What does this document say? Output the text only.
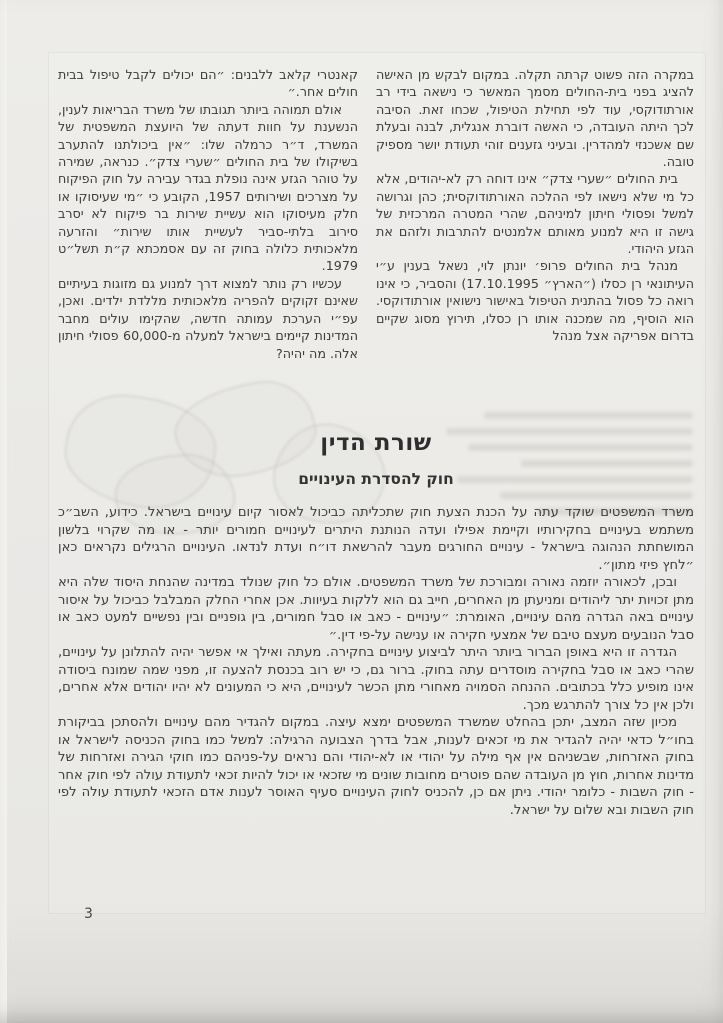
במקרה הזה פשוט קרתה תקלה. במקום לבקש מן האישה להציג בפני בית-החולים מסמך המאשר כי נישאה בידי רב אורתודוקסי, עוד לפי תחילת הטיפול, שכחו זאת. הסיבה לכך היתה העובדה, כי האשה דוברת אנגלית, לבנה ובעלת שם אשכנזי למהדרין. ובעיני גזענים זוהי תעודת יושר מספיק טובה.

בית החולים ״שערי צדק״ אינו דוחה רק לא-יהודים, אלא כל מי שלא נישאו לפי ההלכה האורתודוקסית; כהן וגרושה למשל ופסולי חיתון למיניהם, שהרי המטרה המרכזית של גישה זו היא למנוע מאותם אלמנטים להתרבות ולזהם את הגזע היהודי.

מנהל בית החולים פרופ׳ יונתן לוי, נשאל בענין ע״י העיתונאי רן כסלו (״הארץ״ 17.10.1995) והסביר, כי אינו רואה כל פסול בהתנית הטיפול באישור נישואין אורתודוקסי. הוא הוסיף, מה שמכנה אותו רן כסלו, תירוץ מסוג שקיים בדרום אפריקה אצל מנהל

קאנטרי קלאב ללבנים: ״הם יכולים לקבל טיפול בבית חולים אחר.״

אולם תמוהה ביותר תגובתו של משרד הבריאות לענין, הנשענת על חוות דעתה של היועצת המשפטית של המשרד, ד״ר כרמלה שלו: ״אין ביכולתנו להתערב בשיקולו של בית החולים ״שערי צדק״. כנראה, שמירה על טוהר הגזע אינה נופלת בגדר עבירה על חוק הפיקוח על מצרכים ושירותים 1957, הקובע כי ״מי שעיסוקו או חלק מעיסוקו הוא עשיית שירות בר פיקוח לא יסרב סירוב בלתי-סביר לעשיית אותו שירות״ והזרעה מלאכותית כלולה בחוק זה עם אסמכתא ק״ת תשל״ט 1979.

עכשיו רק נותר למצוא דרך למנוע גם מזוגות בעיתיים שאינם זקוקים להפריה מלאכותית מללדת ילדים. ואכן, עפ״י הערכת עמותה חדשה, שהקימו עולים מחבר המדינות קיימים בישראל למעלה מ-60,000 פסולי חיתון אלה. מה יהיה?

שורת הדין
חוק להסדרת העינויים

משרד המשפטים שוקד עתה על הכנת הצעת חוק שתכליתה כביכול לאסור קיום עינויים בישראל. כידוע, השב״כ משתמש בעינויים בחקירותיו וקיימת אפילו ועדה הנותנת היתרים לעינויים חמורים יותר - או מה שקרוי בלשון המושחתת הנהוגה בישראל - עינויים החורגים מעבר להרשאת דו״ח ועדת לנדאו. העינויים הרגילים נקראים כאן ״לחץ פיזי מתון״.

ובכן, לכאורה יוזמה נאורה ומבורכת של משרד המשפטים. אולם כל חוק שנולד במדינה שהנחת היסוד שלה היא מתן זכויות יתר ליהודים ומניעתן מן האחרים, חייב גם הוא ללקות בעיוות. אכן אחרי החלק המבלבל כביכול על איסור עינויים באה הגדרה מהם עינויים, האומרת: ״עינויים - כאב או סבל חמורים, בין גופניים ובין נפשיים למעט כאב או סבל הנובעים מעצם טיבם של אמצעי חקירה או ענישה על-פי דין.״

הגדרה זו היא באופן הברור ביותר היתר לביצוע עינויים בחקירה. מעתה ואילך אי אפשר יהיה להתלונן על עינויים, שהרי כאב או סבל בחקירה מוסדרים עתה בחוק. ברור גם, כי יש רוב בכנסת להצעה זו, מפני שמה שמונח ביסודה אינו מופיע כלל בכתובים. ההנחה הסמויה מאחורי מתן הכשר לעינויים, היא כי המעונים לא יהיו יהודים אלא אחרים, ולכן אין כל צורך להתרגש מכך.

מכיון שזה המצב, יתכן בהחלט שמשרד המשפטים ימצא עיצה. במקום להגדיר מהם עינויים ולהסתכן בביקורת בחו״ל כדאי יהיה להגדיר את מי זכאים לענות, אבל בדרך הצבועה הרגילה: למשל כמו בחוק הכניסה לישראל או בחוק האזרחות, שבשניהם אין אף מילה על יהודי או לא-יהודי והם נראים על-פניהם כמו חוקי הגירה ואזרחות של מדינות אחרות, חוץ מן העובדה שהם פוטרים מחובות שונים מי שזכאי או יכול להיות זכאי לתעודת עולה לפי חוק אחר - חוק השבות - כלומר יהודי. ניתן אם כן, להכניס לחוק העינויים סעיף האוסר לענות אדם הזכאי לתעודת עולה לפי חוק השבות ובא שלום על ישראל.

3
